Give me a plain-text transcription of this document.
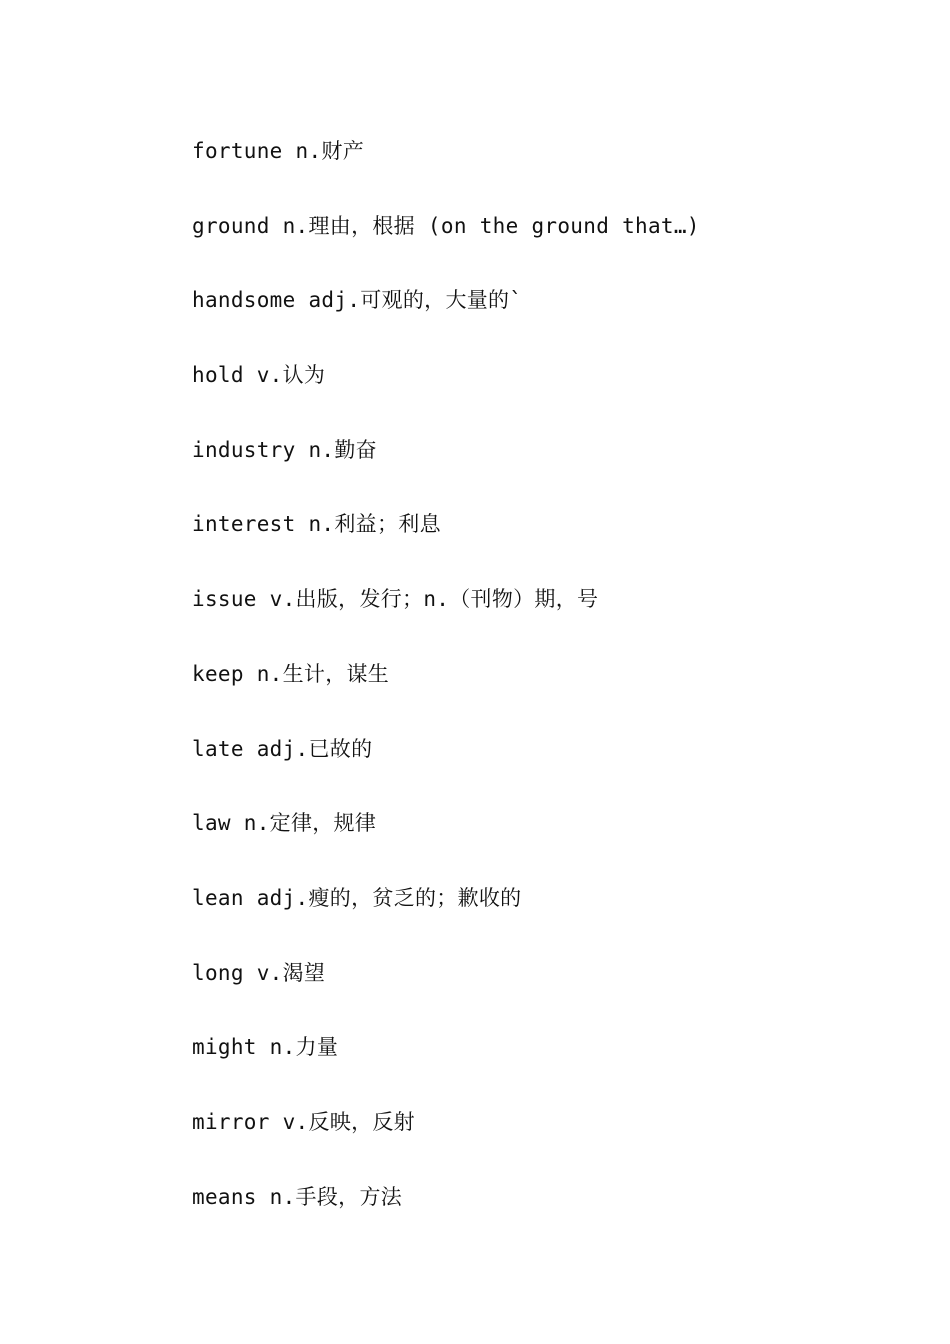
fortune n.财产
ground n.理由，根据 (on the ground that…)
handsome adj.可观的，大量的`
hold v.认为
industry n.勤奋
interest n.利益；利息
issue v.出版，发行；n.（刊物）期，号
keep n.生计，谋生
late adj.已故的
law n.定律，规律
lean adj.瘦的，贫乏的；歉收的
long v.渴望
might n.力量
mirror v.反映，反射
means n.手段，方法
